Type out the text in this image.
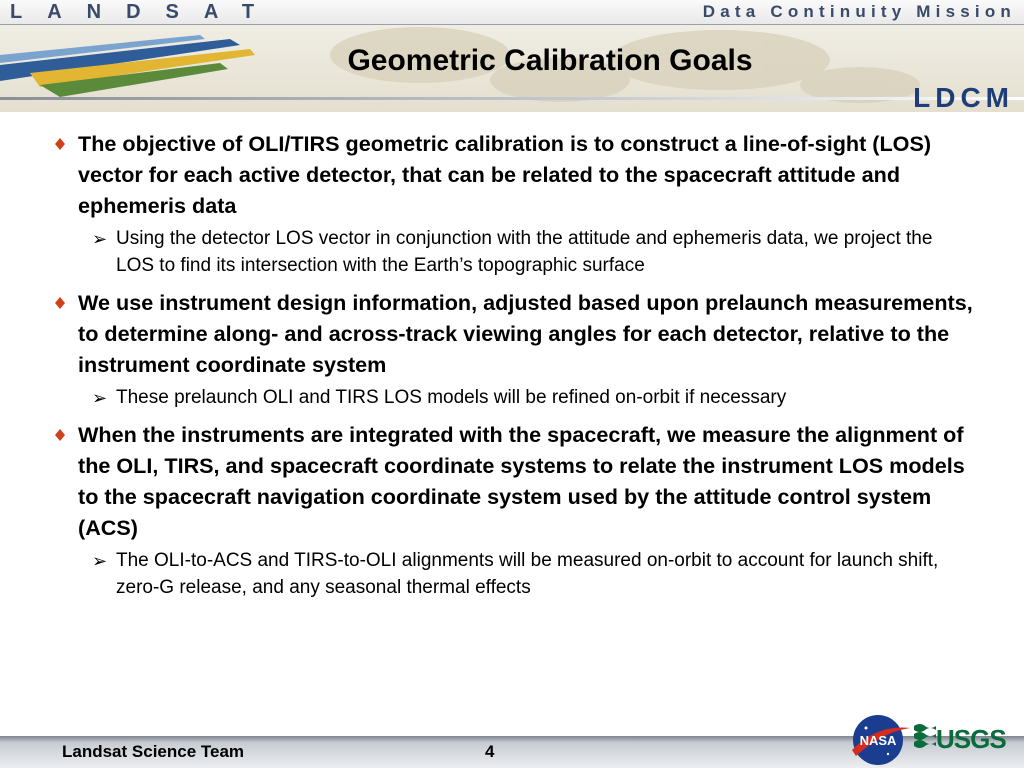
LANDSAT	Data Continuity Mission
LDCM
Geometric Calibration Goals
The objective of OLI/TIRS geometric calibration is to construct a line-of-sight (LOS) vector for each active detector, that can be related to the spacecraft attitude and ephemeris data
➢ Using the detector LOS vector in conjunction with the attitude and ephemeris data, we project the LOS to find its intersection with the Earth’s topographic surface
We use instrument design information, adjusted based upon prelaunch measurements, to determine along- and across-track viewing angles for each detector, relative to the instrument coordinate system
➢ These prelaunch OLI and TIRS LOS models will be refined on-orbit if necessary
When the instruments are integrated with the spacecraft, we measure the alignment of the OLI, TIRS, and spacecraft coordinate systems to relate the instrument LOS models to the spacecraft navigation coordinate system used by the attitude control system (ACS)
➢ The OLI-to-ACS and TIRS-to-OLI alignments will be measured on-orbit to account for launch shift, zero-G release, and any seasonal thermal effects
Landsat Science Team	4
NASA USGS
